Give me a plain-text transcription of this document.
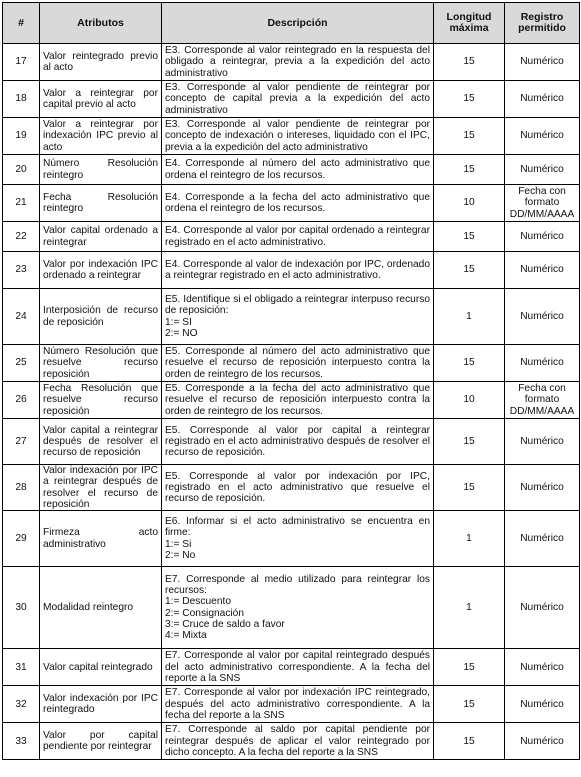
#	Atributos	Descripción	Longitud máxima	Registro permitido
17	Valor reintegrado previo al acto	E3. Corresponde al valor reintegrado en la respuesta del obligado a reintegrar, previa a la expedición del acto administrativo	15	Numérico
18	Valor a reintegrar por capital previo al acto	E3. Corresponde al valor pendiente de reintegrar por concepto de capital previa a la expedición del acto administrativo	15	Numérico
19	Valor a reintegrar por indexación IPC previo al acto	E3. Corresponde al valor pendiente de reintegrar por concepto de indexación o intereses, liquidado con el IPC, previa a la expedición del acto administrativo	15	Numérico
20	Número Resolución reintegro	E4. Corresponde al número del acto administrativo que ordena el reintegro de los recursos.	15	Numérico
21	Fecha Resolución reintegro	E4. Corresponde a la fecha del acto administrativo que ordena el reintegro de los recursos.	10	Fecha con formato DD/MM/AAAA
22	Valor capital ordenado a reintegrar	E4. Corresponde al valor por capital ordenado a reintegrar registrado en el acto administrativo.	15	Numérico
23	Valor por indexación IPC ordenado a reintegrar	E4. Corresponde al valor de indexación por IPC, ordenado a reintegrar registrado en el acto administrativo.	15	Numérico
24	Interposición de recurso de reposición	E5. Identifique si el obligado a reintegrar interpuso recurso de reposición:
1:= SI
2:= NO	1	Numérico
25	Número Resolución que resuelve recurso reposición	E5. Corresponde al número del acto administrativo que resuelve el recurso de reposición interpuesto contra la orden de reintegro de los recursos.	15	Numérico
26	Fecha Resolución que resuelve recurso reposición	E5. Corresponde a la fecha del acto administrativo que resuelve el recurso de reposición interpuesto contra la orden de reintegro de los recursos.	10	Fecha con formato DD/MM/AAAA
27	Valor capital a reintegrar después de resolver el recurso de reposición	E5. Corresponde al valor por capital a reintegrar registrado en el acto administrativo después de resolver el recurso de reposición.	15	Numérico
28	Valor indexación por IPC a reintegrar después de resolver el recurso de reposición	E5. Corresponde al valor por indexación por IPC, registrado en el acto administrativo que resuelve el recurso de reposición.	15	Numérico
29	Firmeza acto administrativo	E6. Informar si el acto administrativo se encuentra en firme:
1:= Si
2:= No	1	Numérico
30	Modalidad reintegro	E7. Corresponde al medio utilizado para reintegrar los recursos:
1:= Descuento
2:= Consignación
3:= Cruce de saldo a favor
4:= Mixta	1	Numérico
31	Valor capital reintegrado	E7. Corresponde al valor por capital reintegrado después del acto administrativo correspondiente. A la fecha del reporte a la SNS	15	Numérico
32	Valor indexación por IPC reintegrado	E7. Corresponde al valor por indexación IPC reintegrado, después del acto administrativo correspondiente. A la fecha del reporte a la SNS	15	Numérico
33	Valor por capital pendiente por reintegrar	E7. Corresponde al saldo por capital pendiente por reintegrar después de aplicar el valor reintegrado por dicho concepto. A la fecha del reporte a la SNS	15	Numérico
